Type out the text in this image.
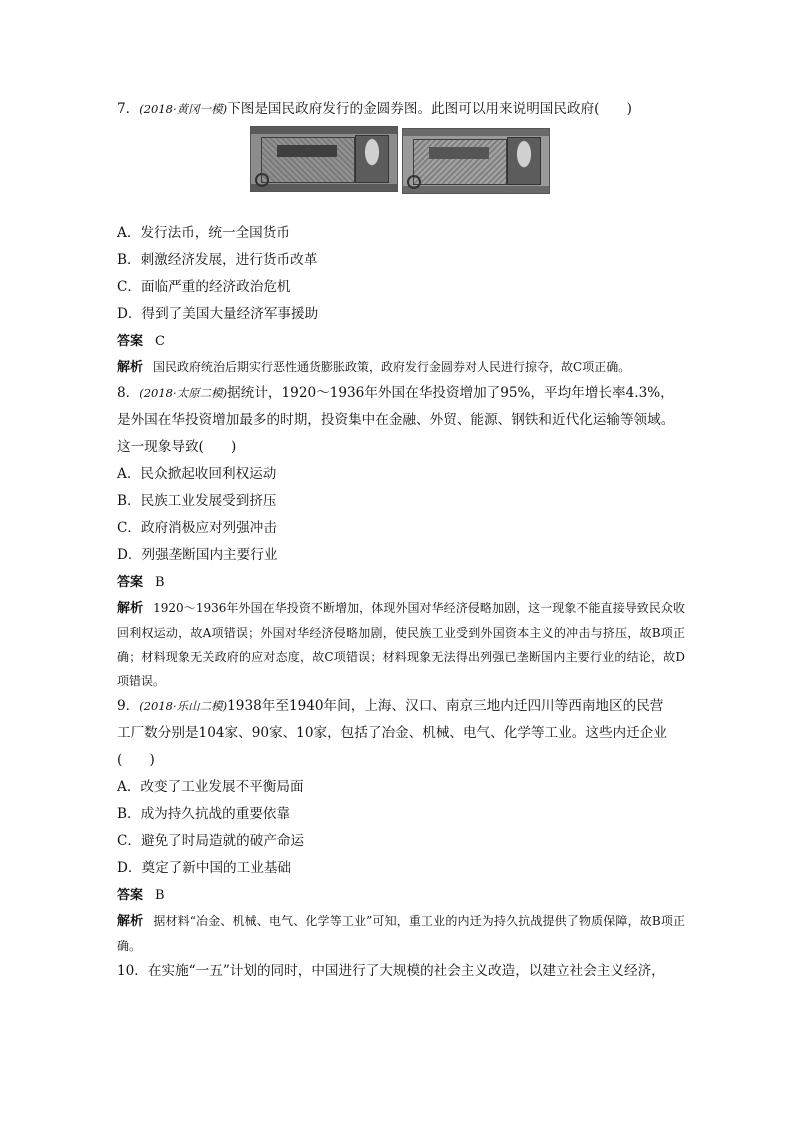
7．(2018·黄冈一模)下图是国民政府发行的金圆券图。此图可以用来说明国民政府(　　)
A．发行法币，统一全国货币
B．刺激经济发展，进行货币改革
C．面临严重的经济政治危机
D．得到了美国大量经济军事援助
答案 C

解析 国民政府统治后期实行恶性通货膨胀政策，政府发行金圆券对人民进行掠夺，故C项正确。

8．(2018·太原二模)据统计，1920～1936年外国在华投资增加了95%，平均年增长率4.3%，
是外国在华投资增加最多的时期，投资集中在金融、外贸、能源、钢铁和近代化运输等领域。
这一现象导致(　　)
A．民众掀起收回利权运动
B．民族工业发展受到挤压
C．政府消极应对列强冲击
D．列强垄断国内主要行业
答案 B

解析 1920～1936年外国在华投资不断增加，体现外国对华经济侵略加剧，这一现象不能直接导致民众收回利权运动，故A项错误；外国对华经济侵略加剧，使民族工业受到外国资本主义的冲击与挤压，故B项正确；材料现象无关政府的应对态度，故C项错误；材料现象无法得出列强已垄断国内主要行业的结论，故D项错误。

9．(2018·乐山二模)1938年至1940年间，上海、汉口、南京三地内迁四川等西南地区的民营
工厂数分别是104家、90家、10家，包括了冶金、机械、电气、化学等工业。这些内迁企业
(　　)
A．改变了工业发展不平衡局面
B．成为持久抗战的重要依靠
C．避免了时局造就的破产命运
D．奠定了新中国的工业基础
答案 B

解析 据材料“冶金、机械、电气、化学等工业”可知，重工业的内迁为持久抗战提供了物质保障，故B项正确。

10．在实施“一五”计划的同时，中国进行了大规模的社会主义改造，以建立社会主义经济，
